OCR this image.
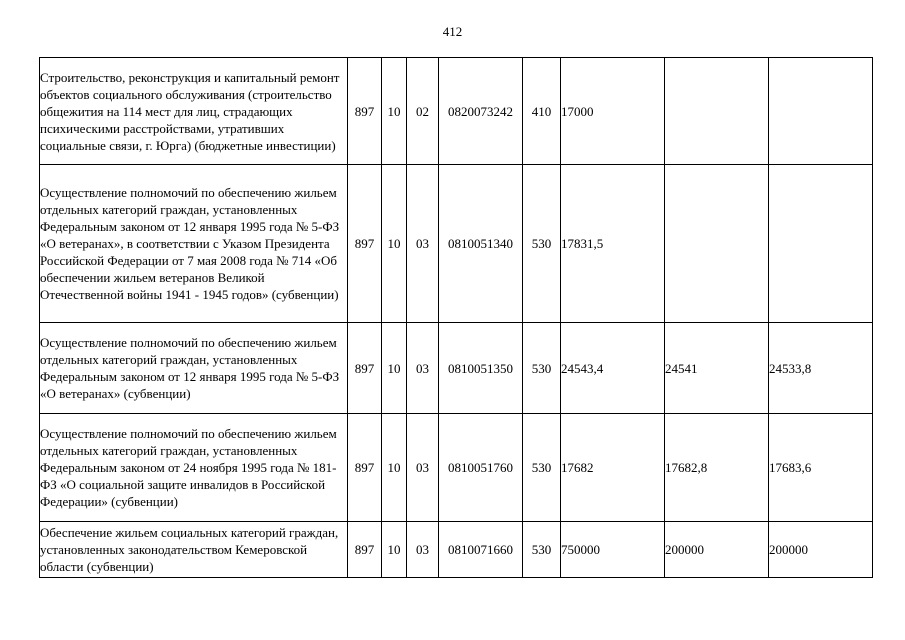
412
Строительство, реконструкция и капитальный ремонт объектов социального обслуживания (строительство общежития на 114 мест для лиц, страдающих психическими расстройствами, утративших социальные связи, г. Юрга) (бюджетные инвестиции)	897	10	02	0820073242	410	17000		
Осуществление полномочий по обеспечению жильем отдельных категорий граждан, установленных Федеральным законом от 12 января 1995 года № 5-ФЗ «О ветеранах», в соответствии с Указом Президента Российской Федерации от 7 мая 2008 года № 714 «Об обеспечении жильем ветеранов Великой Отечественной войны 1941 - 1945 годов» (субвенции)	897	10	03	0810051340	530	17831,5		
Осуществление полномочий по обеспечению жильем отдельных категорий граждан, установленных Федеральным законом от 12 января 1995 года № 5-ФЗ «О ветеранах» (субвенции)	897	10	03	0810051350	530	24543,4	24541	24533,8
Осуществление полномочий по обеспечению жильем отдельных категорий граждан, установленных Федеральным законом от 24 ноября 1995 года № 181-ФЗ «О социальной защите инвалидов в Российской Федерации» (субвенции)	897	10	03	0810051760	530	17682	17682,8	17683,6
Обеспечение жильем социальных категорий граждан, установленных законодательством Кемеровской области (субвенции)	897	10	03	0810071660	530	750000	200000	200000
